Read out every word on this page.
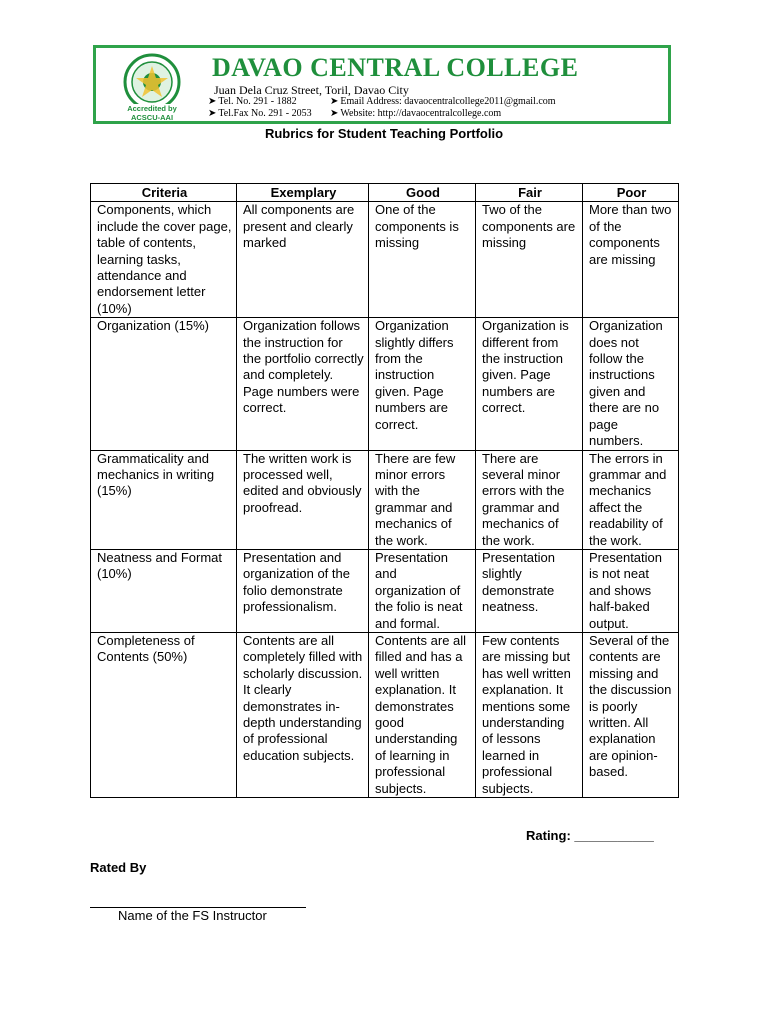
Accredited by
ACSCU-AAI
DAVAO CENTRAL COLLEGE
Juan Dela Cruz Street, Toril, Davao City
➤ Tel. No. 291 - 1882
➤ Tel.Fax No. 291 - 2053
➤ Email Address: davaocentralcollege2011@gmail.com
➤ Website: http://davaocentralcollege.com
Rubrics for Student Teaching Portfolio
Criteria	Exemplary	Good	Fair	Poor
Components, which include the cover page, table of contents, learning tasks, attendance and endorsement letter (10%)	All components are present and clearly marked	One of the components is missing	Two of the components are missing	More than two of the components are missing
Organization (15%)	Organization follows the instruction for the portfolio correctly and completely. Page numbers were correct.	Organization slightly differs from the instruction given. Page numbers are correct.	Organization is different from the instruction given. Page numbers are correct.	Organization does not follow the instructions given and there are no page numbers.
Grammaticality and mechanics in writing (15%)	The written work is processed well, edited and obviously proofread.	There are few minor errors with the grammar and mechanics of the work.	There are several minor errors with the grammar and mechanics of the work.	The errors in grammar and mechanics affect the readability of the work.
Neatness and Format (10%)	Presentation and organization of the folio demonstrate professionalism.	Presentation and organization of the folio is neat and formal.	Presentation slightly demonstrate neatness.	Presentation is not neat and shows half-baked output.
Completeness of Contents (50%)	Contents are all completely filled with scholarly discussion. It clearly demonstrates in-depth understanding of professional education subjects.	Contents are all filled and has a well written explanation. It demonstrates good understanding of learning in professional subjects.	Few contents are missing but has well written explanation. It mentions some understanding of lessons learned in professional subjects.	Several of the contents are missing and the discussion is poorly written. All explanation are opinion-based.
Rating: ___________
Rated By
Name of the FS Instructor
